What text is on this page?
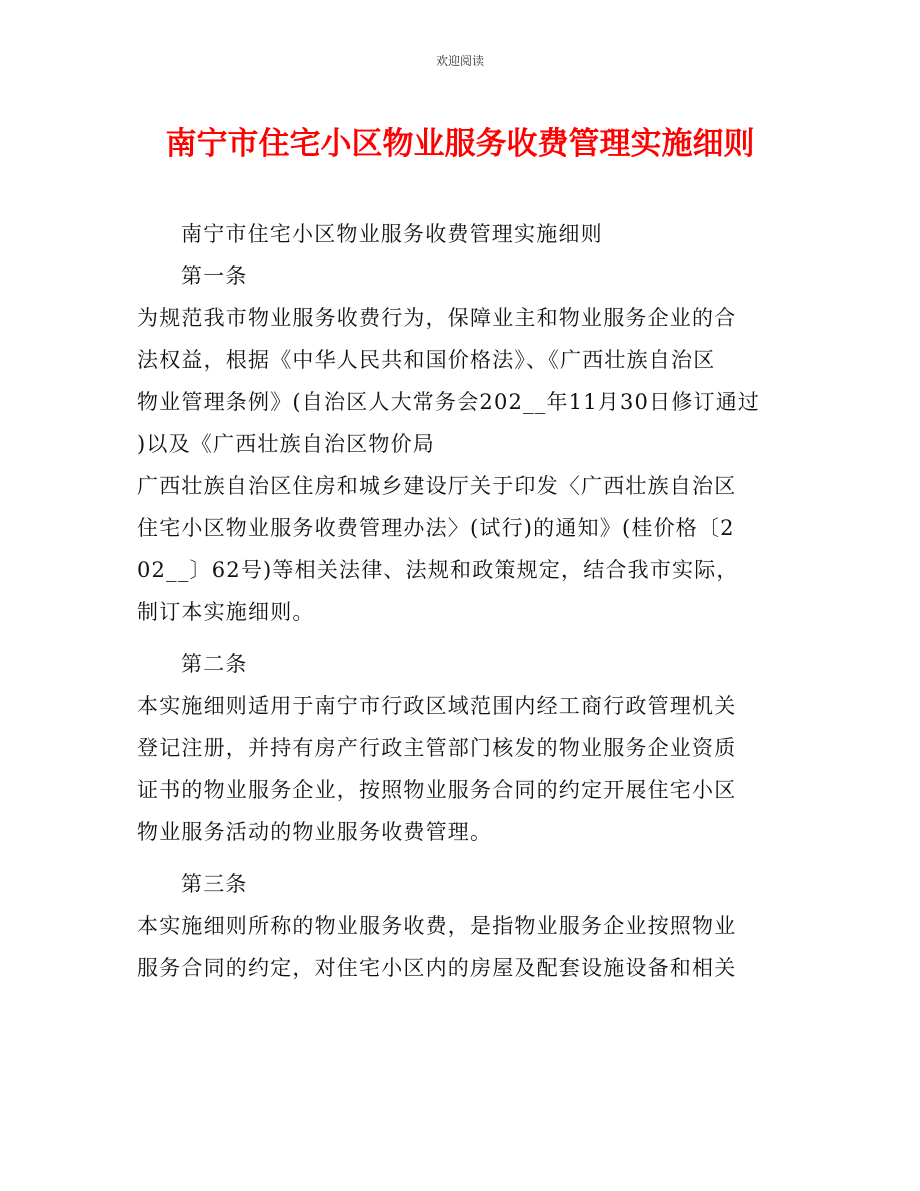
欢迎阅读
南宁市住宅小区物业服务收费管理实施细则

南宁市住宅小区物业服务收费管理实施细则

第一条

为规范我市物业服务收费行为，保障业主和物业服务企业的合

法权益，根据《中华人民共和国价格法》、《广西壮族自治区

物业管理条例》(自治区人大常务会202__年11月30日修订通过

)以及《广西壮族自治区物价局

广西壮族自治区住房和城乡建设厅关于印发〈广西壮族自治区

住宅小区物业服务收费管理办法〉(试行)的通知》(桂价格〔2

02__〕62号)等相关法律、法规和政策规定，结合我市实际，

制订本实施细则。

第二条

本实施细则适用于南宁市行政区域范围内经工商行政管理机关

登记注册，并持有房产行政主管部门核发的物业服务企业资质

证书的物业服务企业，按照物业服务合同的约定开展住宅小区

物业服务活动的物业服务收费管理。

第三条

本实施细则所称的物业服务收费，是指物业服务企业按照物业

服务合同的约定，对住宅小区内的房屋及配套设施设备和相关
